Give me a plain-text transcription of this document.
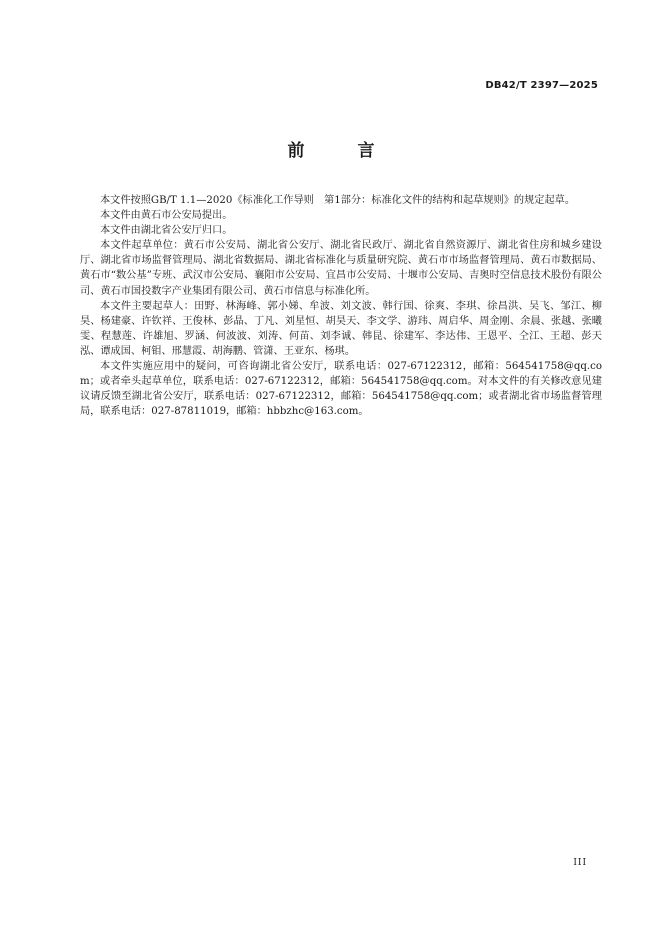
DB42/T 2397—2025
前　言

本文件按照GB/T 1.1—2020《标准化工作导则　第1部分：标准化文件的结构和起草规则》的规定起草。

本文件由黄石市公安局提出。

本文件由湖北省公安厅归口。

本文件起草单位：黄石市公安局、湖北省公安厅、湖北省民政厅、湖北省自然资源厅、湖北省住房和城乡建设厅、湖北省市场监督管理局、湖北省数据局、湖北省标准化与质量研究院、黄石市市场监督管理局、黄石市数据局、黄石市“数公基”专班、武汉市公安局、襄阳市公安局、宜昌市公安局、十堰市公安局、吉奥时空信息技术股份有限公司、黄石市国投数字产业集团有限公司、黄石市信息与标准化所。

本文件主要起草人：田野、林海峰、郭小娣、牟波、刘文波、韩行国、徐爽、李琪、徐昌洪、吴飞、邹江、柳昊、杨建豪、许钦祥、王俊林、彭晶、丁凡、刘星恒、胡昊天、李文学、游玮、周启华、周金刚、余晨、张越、张曦雯、程慧莲、许雄旭、罗涵、何波波、刘涛、何苗、刘李诚、韩昆、徐建军、李达伟、王恩平、仝江、王超、彭天泓、谭成国、柯钼、邢慧霞、胡海鹏、管潇、王亚东、杨琪。

本文件实施应用中的疑问，可咨询湖北省公安厅，联系电话：027-67122312，邮箱：564541758@qq.com；或者牵头起草单位，联系电话：027-67122312，邮箱：564541758@qq.com。对本文件的有关修改意见建议请反馈至湖北省公安厅，联系电话：027-67122312，邮箱：564541758@qq.com；或者湖北省市场监督管理局，联系电话：027-87811019，邮箱：hbbzhc@163.com。

III
